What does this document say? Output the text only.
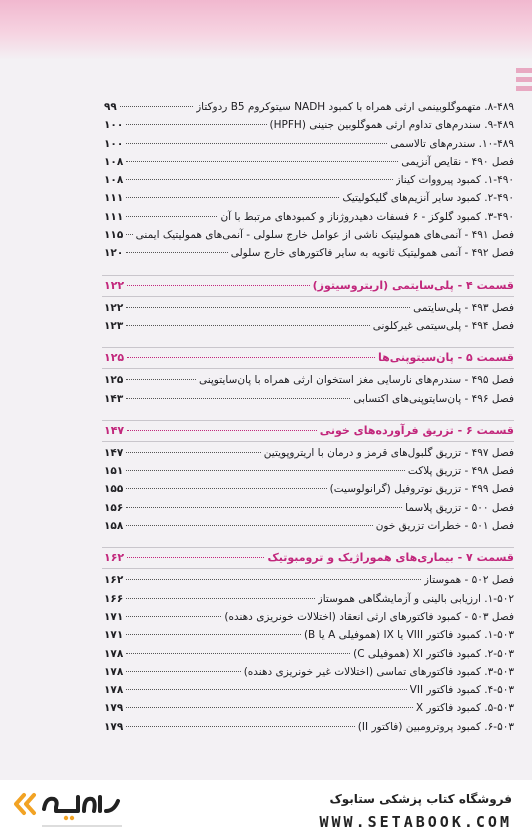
۸-۴۸۹. متهموگلوبینمی ارثی همراه با کمبود NADH سیتوکروم B5 ردوکتاز
۹۹
۹-۴۸۹. سندرم‌های تداوم ارثی هموگلوبین جنینی (HPFH)
۱۰۰
۱۰-۴۸۹. سندرم‌های تالاسمی
۱۰۰
فصل ۴۹۰ - نقایص آنزیمی
۱۰۸
۱-۴۹۰. کمبود پیرووات کیناز
۱۰۸
۲-۴۹۰. کمبود سایر آنزیم‌های گلیکولیتیک
۱۱۱
۳-۴۹۰. کمبود گلوکز - ۶ فسفات دهیدروژناز و کمبودهای مرتبط با آن
۱۱۱
فصل ۴۹۱ - آنمی‌های همولیتیک ناشی از عوامل خارج سلولی - آنمی‌های همولیتیک ایمنی
۱۱۵
فصل ۴۹۲ - آنمی همولیتیک ثانویه به سایر فاکتورهای خارج سلولی
۱۲۰
قسمت ۴ - پلی‌سایتمی (اریتروسیتوز)
۱۲۲
فصل ۴۹۳ - پلی‌سایتمی
۱۲۲
فصل ۴۹۴ - پلی‌سیتمی غیرکلونی
۱۲۳
قسمت ۵ - پان‌سیتوپنی‌ها
۱۲۵
فصل ۴۹۵ - سندرم‌های نارسایی مغز استخوان ارثی همراه با پان‌سایتوپنی
۱۲۵
فصل ۴۹۶ - پان‌سایتوپنی‌های اکتسابی
۱۴۳
قسمت ۶ - تزریق فرآورده‌های خونی
۱۴۷
فصل ۴۹۷ - تزریق گلبول‌های قرمز و درمان با اریتروپویتین
۱۴۷
فصل ۴۹۸ - تزریق پلاکت
۱۵۱
فصل ۴۹۹ - تزریق نوتروفیل (گرانولوسیت)
۱۵۵
فصل ۵۰۰ - تزریق پلاسما
۱۵۶
فصل ۵۰۱ - خطرات تزریق خون
۱۵۸
قسمت ۷ - بیماری‌های هموراژیک و ترومبوتیک
۱۶۲
فصل ۵۰۲ - هموستاز
۱۶۲
۱-۵۰۲. ارزیابی بالینی و آزمایشگاهی هموستاز
۱۶۶
فصل ۵۰۳ - کمبود فاکتورهای ارثی انعقاد (اختلالات خونریزی دهنده)
۱۷۱
۱-۵۰۳. کمبود فاکتور VIII یا IX (هموفیلی A یا B)
۱۷۱
۲-۵۰۳. کمبود فاکتور XI (هموفیلی C)
۱۷۸
۳-۵۰۳. کمبود فاکتورهای تماسی (اختلالات غیر خونریزی دهنده)
۱۷۸
۴-۵۰۳. کمبود فاکتور VII
۱۷۸
۵-۵۰۳. کمبود فاکتور X
۱۷۹
۶-۵۰۳. کمبود پروترومبین (فاکتور II)
۱۷۹
فروشگاه کتاب پزشکی ستابوک
WWW.SETABOOK.COM
